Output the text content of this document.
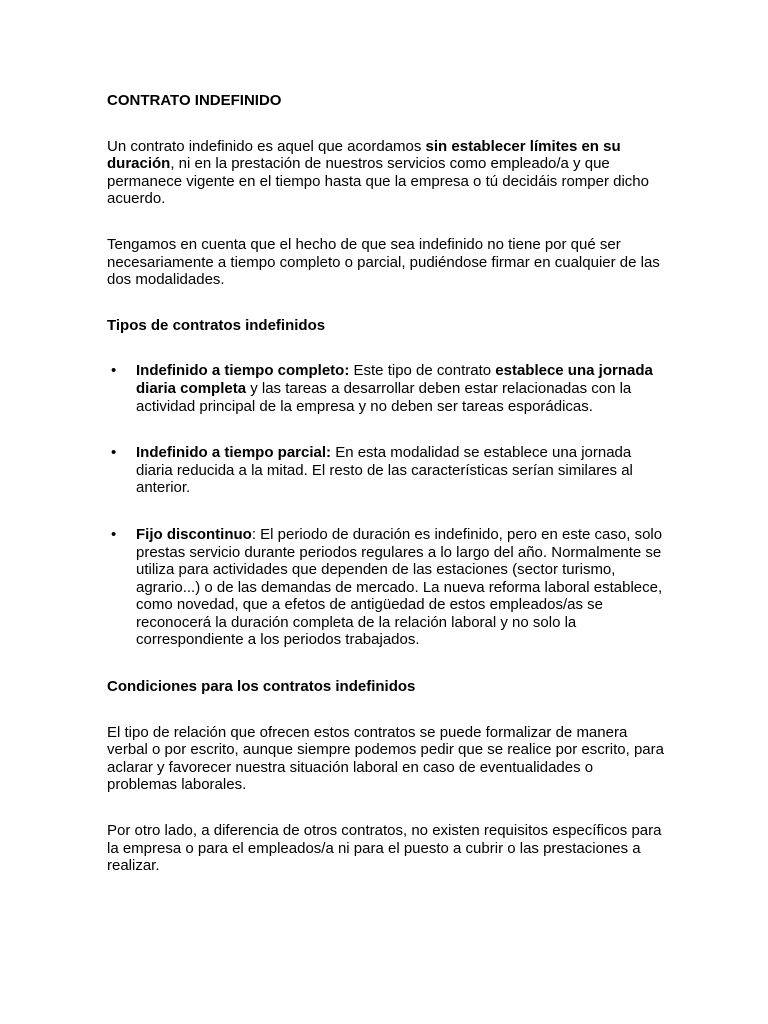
CONTRATO INDEFINIDO

Un contrato indefinido es aquel que acordamos sin establecer límites en su duración, ni en la prestación de nuestros servicios como empleado/a y que permanece vigente en el tiempo hasta que la empresa o tú decidáis romper dicho acuerdo.

Tengamos en cuenta que el hecho de que sea indefinido no tiene por qué ser necesariamente a tiempo completo o parcial, pudiéndose firmar en cualquier de las dos modalidades.

Tipos de contratos indefinidos
• Indefinido a tiempo completo: Este tipo de contrato establece una jornada diaria completa y las tareas a desarrollar deben estar relacionadas con la actividad principal de la empresa y no deben ser tareas esporádicas.
• Indefinido a tiempo parcial: En esta modalidad se establece una jornada diaria reducida a la mitad. El resto de las características serían similares al anterior.
• Fijo discontinuo: El periodo de duración es indefinido, pero en este caso, solo prestas servicio durante periodos regulares a lo largo del año. Normalmente se utiliza para actividades que dependen de las estaciones (sector turismo, agrario...) o de las demandas de mercado. La nueva reforma laboral establece, como novedad, que a efetos de antigüedad de estos empleados/as se reconocerá la duración completa de la relación laboral y no solo la correspondiente a los periodos trabajados.
Condiciones para los contratos indefinidos

El tipo de relación que ofrecen estos contratos se puede formalizar de manera verbal o por escrito, aunque siempre podemos pedir que se realice por escrito, para aclarar y favorecer nuestra situación laboral en caso de eventualidades o problemas laborales.

Por otro lado, a diferencia de otros contratos, no existen requisitos específicos para la empresa o para el empleados/a ni para el puesto a cubrir o las prestaciones a realizar.
